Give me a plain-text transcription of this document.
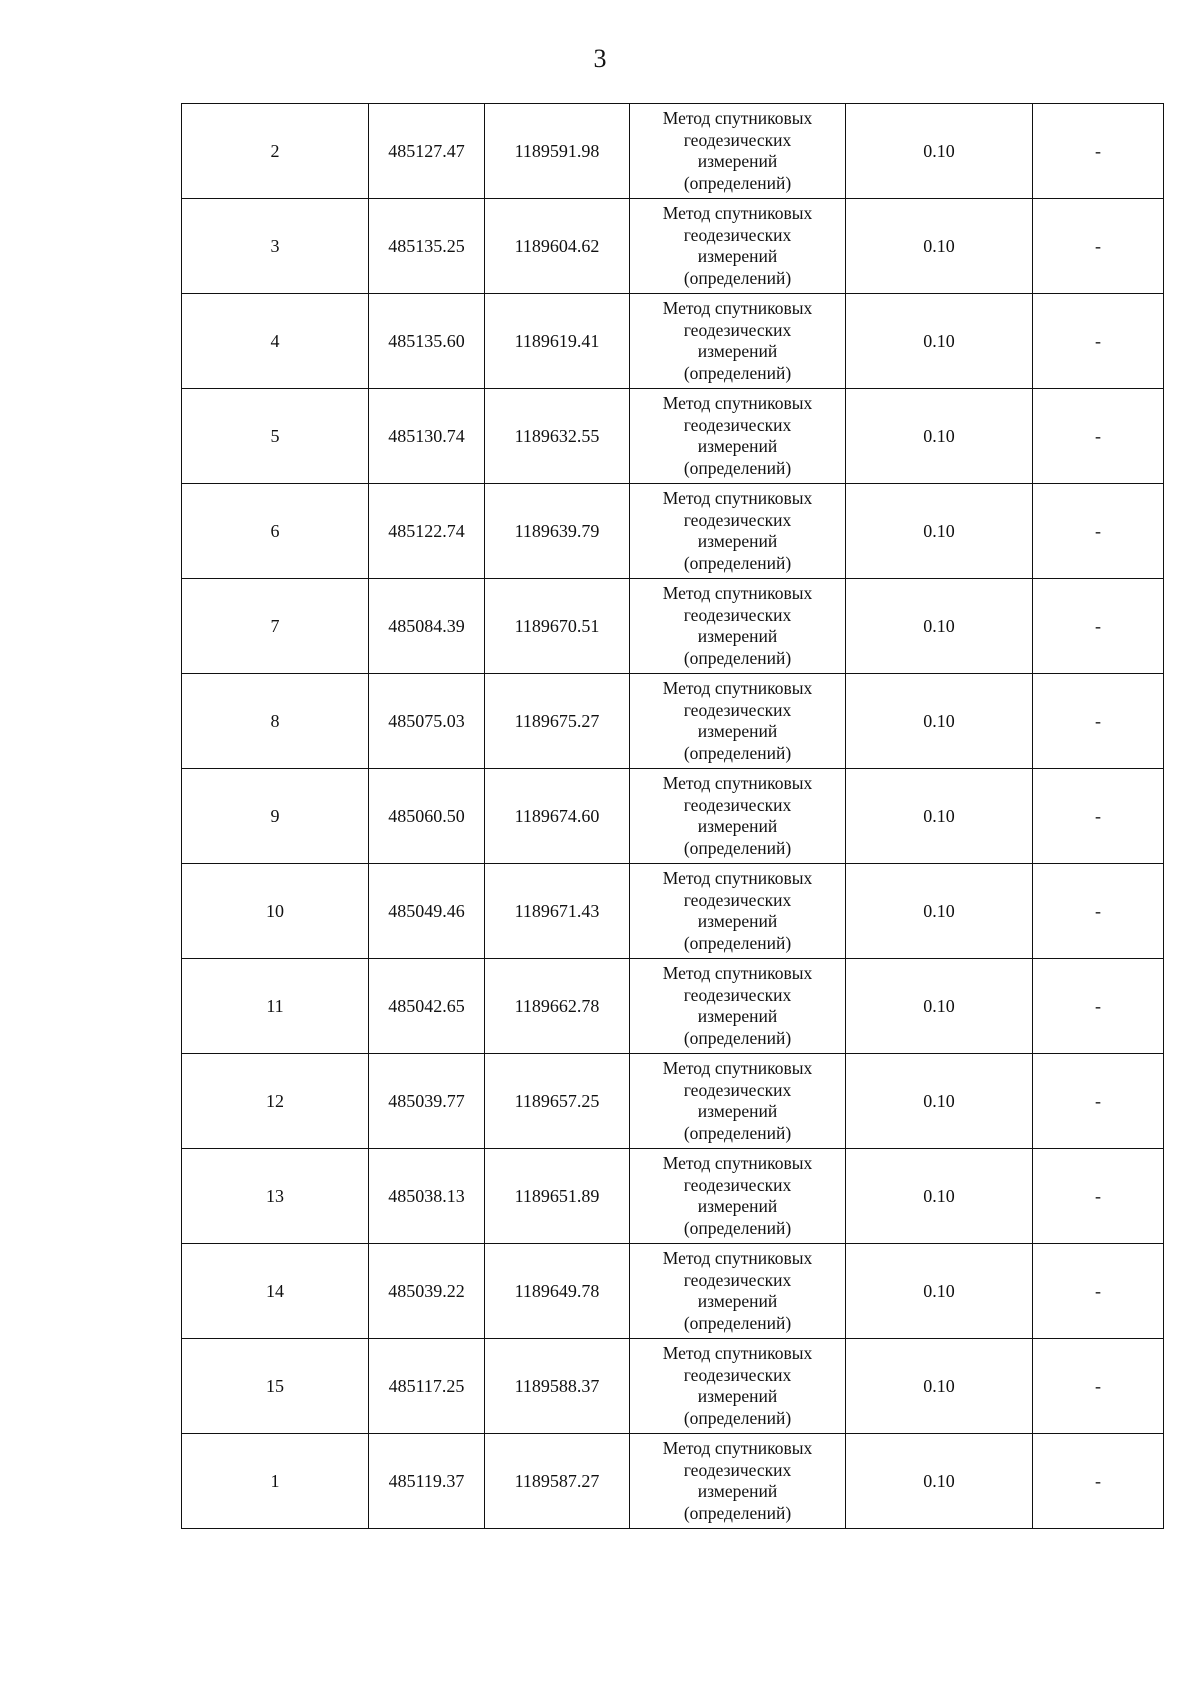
3
2	485127.47	1189591.98	Метод спутниковых
геодезических
измерений
(определений)	0.10	-
3	485135.25	1189604.62	Метод спутниковых
геодезических
измерений
(определений)	0.10	-
4	485135.60	1189619.41	Метод спутниковых
геодезических
измерений
(определений)	0.10	-
5	485130.74	1189632.55	Метод спутниковых
геодезических
измерений
(определений)	0.10	-
6	485122.74	1189639.79	Метод спутниковых
геодезических
измерений
(определений)	0.10	-
7	485084.39	1189670.51	Метод спутниковых
геодезических
измерений
(определений)	0.10	-
8	485075.03	1189675.27	Метод спутниковых
геодезических
измерений
(определений)	0.10	-
9	485060.50	1189674.60	Метод спутниковых
геодезических
измерений
(определений)	0.10	-
10	485049.46	1189671.43	Метод спутниковых
геодезических
измерений
(определений)	0.10	-
11	485042.65	1189662.78	Метод спутниковых
геодезических
измерений
(определений)	0.10	-
12	485039.77	1189657.25	Метод спутниковых
геодезических
измерений
(определений)	0.10	-
13	485038.13	1189651.89	Метод спутниковых
геодезических
измерений
(определений)	0.10	-
14	485039.22	1189649.78	Метод спутниковых
геодезических
измерений
(определений)	0.10	-
15	485117.25	1189588.37	Метод спутниковых
геодезических
измерений
(определений)	0.10	-
1	485119.37	1189587.27	Метод спутниковых
геодезических
измерений
(определений)	0.10	-
